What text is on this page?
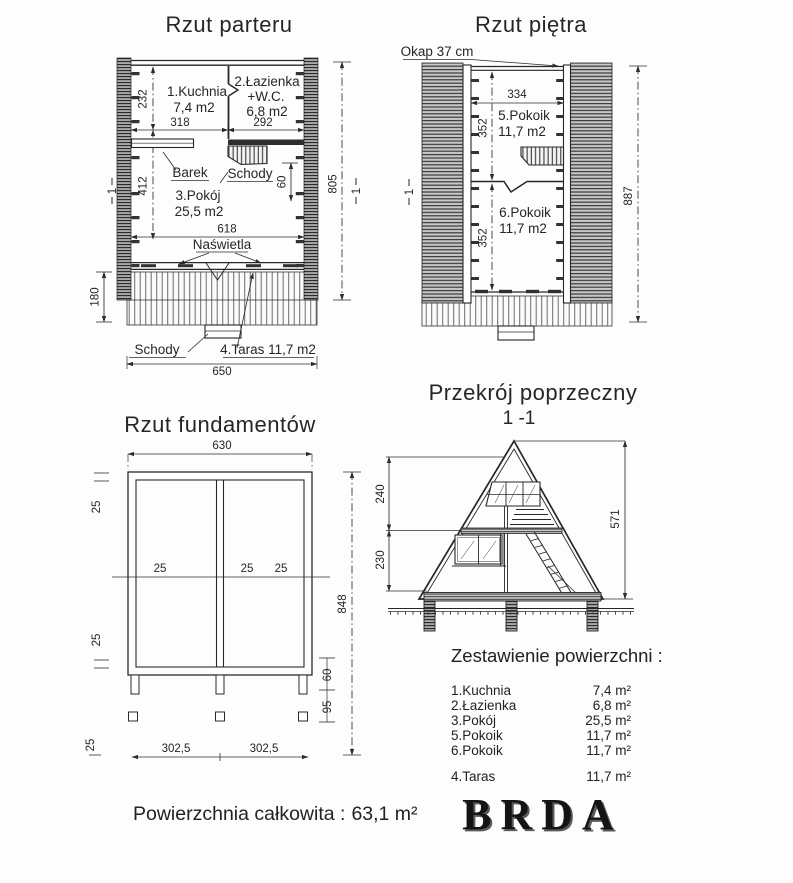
Rzut parteru
1.Kuchnia
7,4 m2
2.Łazienka
+W.C.
6,8 m2
3.Pokój
25,5 m2
318	292
232
412
Barek Schody
60
618
Naświetla
Schody	4.Taras 11,7 m2
650
805
180
1	1
Rzut piętra
Okap 37 cm
334
352
5.Pokoik
11,7 m2
352
6.Pokoik
11,7 m2
887
1
Rzut fundamentów
630
25
25
25
25	25 25
848
60
95
302,5	302,5
Przekrój poprzeczny
1 -1
571
240
230
Zestawienie powierzchni :
1.Kuchnia	7,4 m²
2.Łazienka	6,8 m²
3.Pokój	25,5 m²
5.Pokoik	11,7 m²
6.Pokoik	11,7 m²
4.Taras	11,7 m²
Powierzchnia całkowita : 63,1 m² BRDA
